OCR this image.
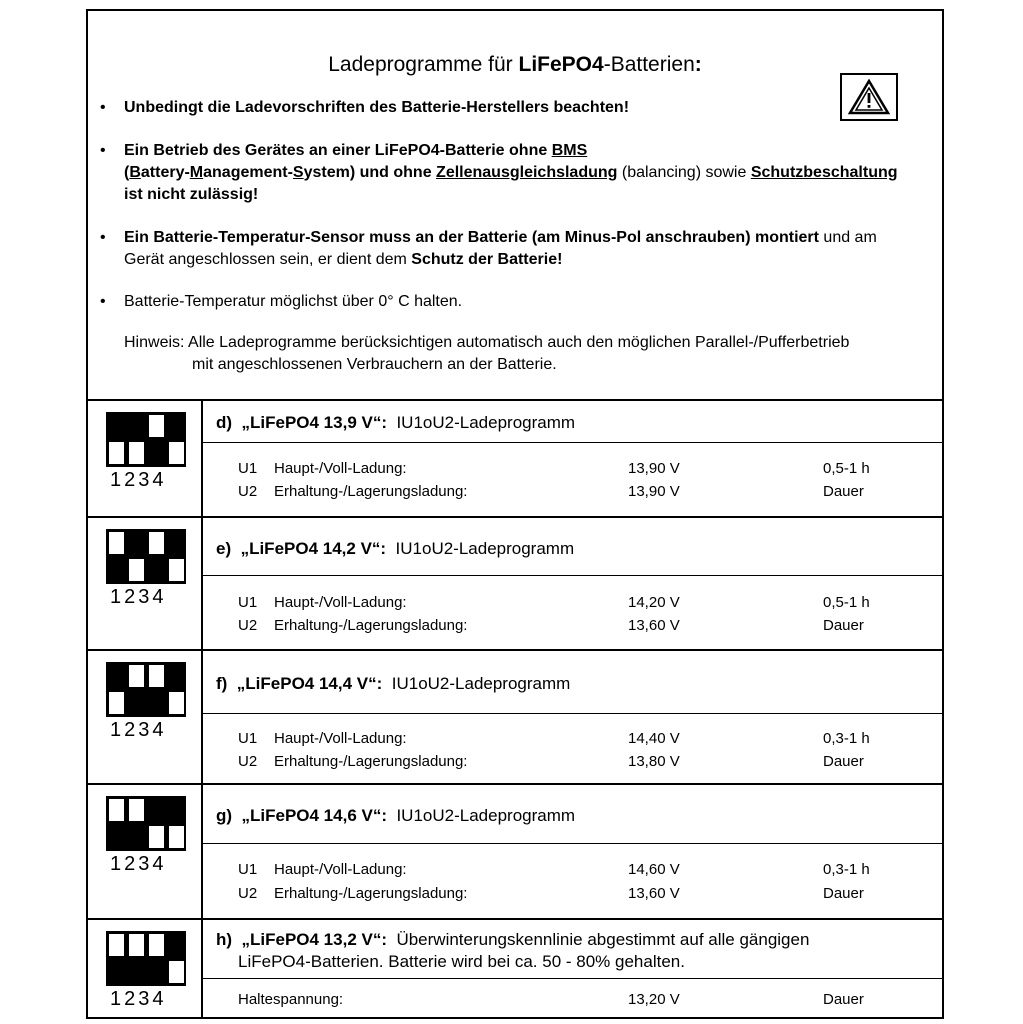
Ladeprogramme für LiFePO4-Batterien:
• Unbedingt die Ladevorschriften des Batterie-Herstellers beachten!
• Ein Betrieb des Gerätes an einer LiFePO4-Batterie ohne BMS
(Battery-Management-System) und ohne Zellenausgleichsladung (balancing) sowie Schutzbeschaltung
ist nicht zulässig!
• Ein Batterie-Temperatur-Sensor muss an der Batterie (am Minus-Pol anschrauben) montiert und am Gerät angeschlossen sein, er dient dem Schutz der Batterie!
• Batterie-Temperatur möglichst über 0° C halten.
Hinweis: Alle Ladeprogramme berücksichtigen automatisch auch den möglichen Parallel-/Pufferbetrieb
mit angeschlossenen Verbrauchern an der Batterie.
1234
d) „LiFePO4 13,9 V“: IU1oU2-Ladeprogramm
U1 Haupt-/Voll-Ladung:	13,90 V	0,5-1 h
U2 Erhaltung-/Lagerungsladung:	13,90 V	Dauer
1234
e) „LiFePO4 14,2 V“: IU1oU2-Ladeprogramm
U1 Haupt-/Voll-Ladung:	14,20 V	0,5-1 h
U2 Erhaltung-/Lagerungsladung:	13,60 V	Dauer
1234
f) „LiFePO4 14,4 V“: IU1oU2-Ladeprogramm
U1 Haupt-/Voll-Ladung:	14,40 V	0,3-1 h
U2 Erhaltung-/Lagerungsladung:	13,80 V	Dauer
1234
g) „LiFePO4 14,6 V“: IU1oU2-Ladeprogramm
U1 Haupt-/Voll-Ladung:	14,60 V	0,3-1 h
U2 Erhaltung-/Lagerungsladung:	13,60 V	Dauer
1234
h) „LiFePO4 13,2 V“: Überwinterungskennlinie abgestimmt auf alle gängigen
LiFePO4-Batterien. Batterie wird bei ca. 50 - 80% gehalten.
Haltespannung:	13,20 V	Dauer
